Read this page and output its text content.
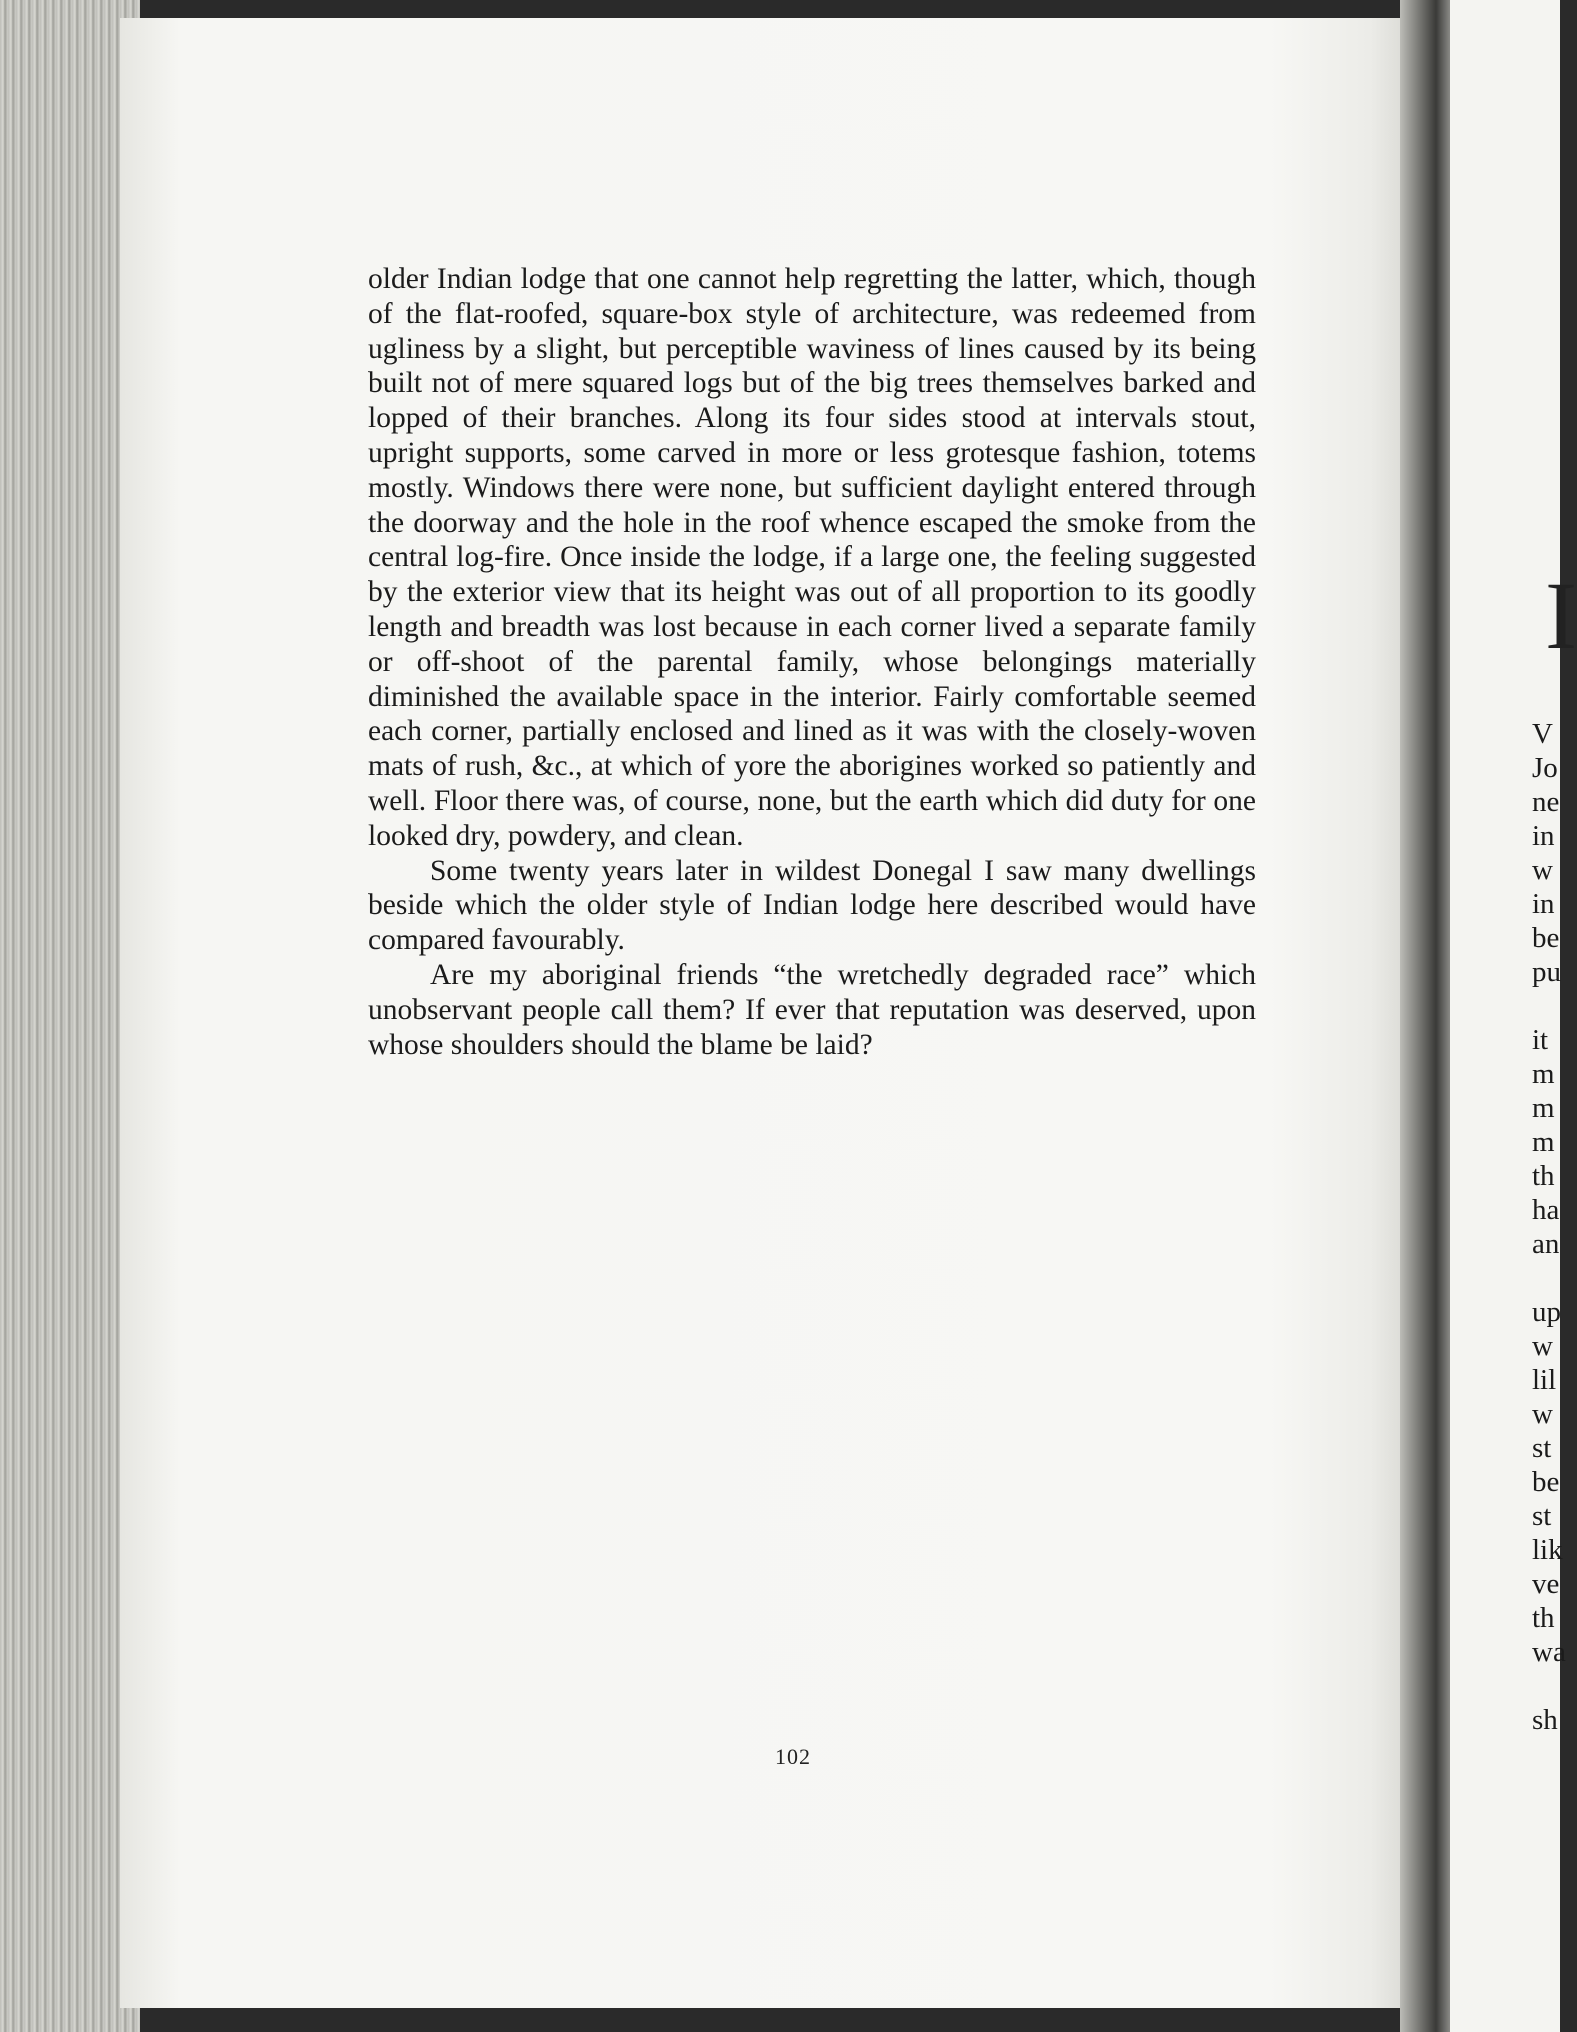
older Indian lodge that one cannot help regretting the latter, which, though of the flat-roofed, square-box style of architecture, was redeemed from ugliness by a slight, but perceptible waviness of lines caused by its being built not of mere squared logs but of the big trees themselves barked and lopped of their branches. Along its four sides stood at intervals stout, upright supports, some carved in more or less grotesque fashion, totems mostly. Windows there were none, but sufficient daylight entered through the doorway and the hole in the roof whence escaped the smoke from the central log-fire. Once inside the lodge, if a large one, the feeling suggested by the exterior view that its height was out of all proportion to its goodly length and breadth was lost because in each corner lived a separate family or off-shoot of the parental family, whose belongings materially diminished the available space in the interior. Fairly comfortable seemed each corner, partially enclosed and lined as it was with the closely-woven mats of rush, &c., at which of yore the aborigines worked so patiently and well. Floor there was, of course, none, but the earth which did duty for one looked dry, powdery, and clean.

Some twenty years later in wildest Donegal I saw many dwellings beside which the older style of Indian lodge here described would have compared favourably.

Are my aboriginal friends “the wretchedly degraded race” which unobservant people call them? If ever that reputation was deserved, upon whose shoulders should the blame be laid?

102
I
V
Jo
ne
in
w
in
be
pu
it
m
m
m
th
ha
an
up
w
lil
w
st
be
st
lik
ve
th
wa
sh
